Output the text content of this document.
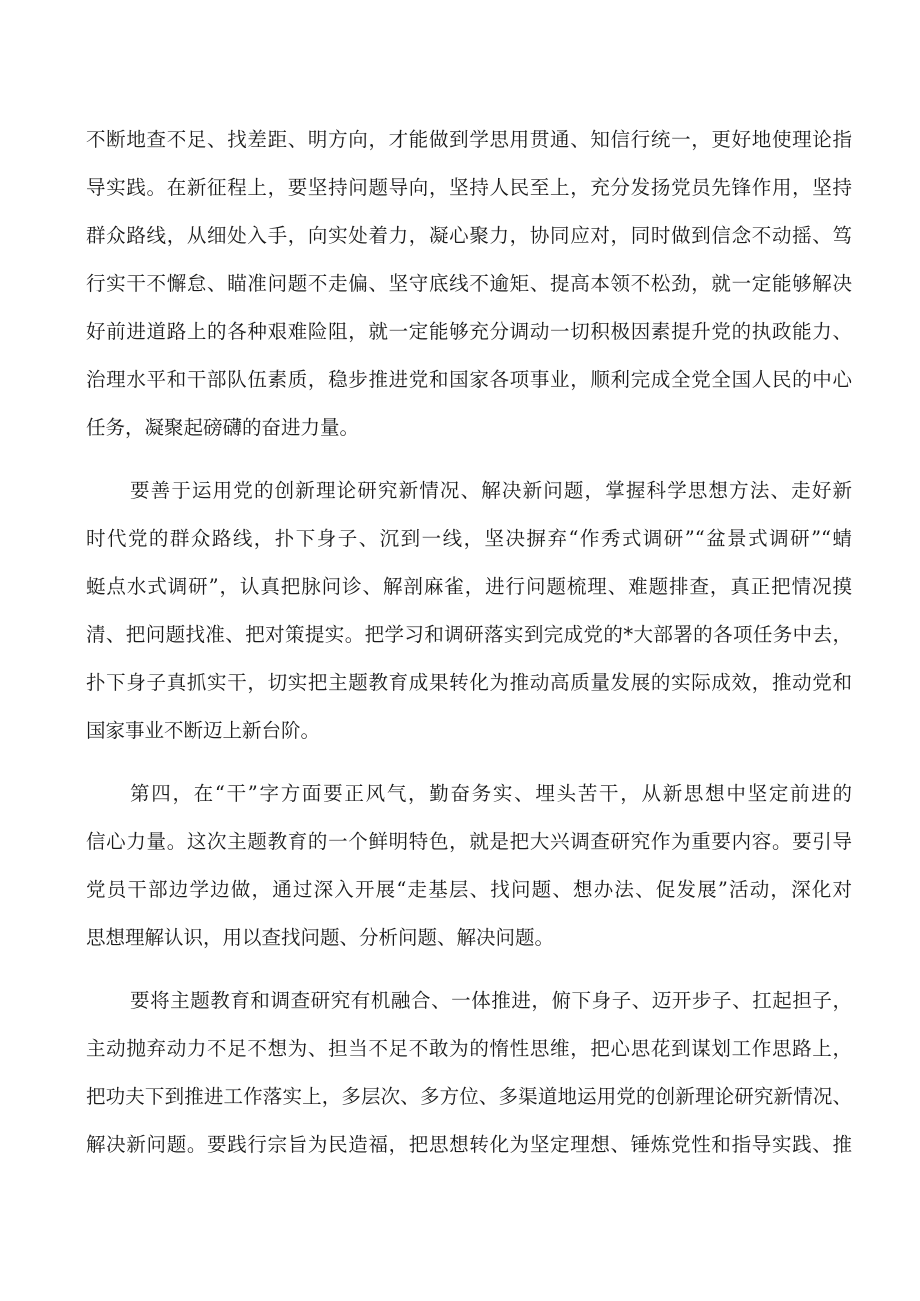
不断地查不足、找差距、明方向，才能做到学思用贯通、知信行统一，更好地使理论指
导实践。在新征程上，要坚持问题导向，坚持人民至上，充分发扬党员先锋作用，坚持
群众路线，从细处入手，向实处着力，凝心聚力，协同应对，同时做到信念不动摇、笃
行实干不懈怠、瞄准问题不走偏、坚守底线不逾矩、提高本领不松劲，就一定能够解决
好前进道路上的各种艰难险阻，就一定能够充分调动一切积极因素提升党的执政能力、
治理水平和干部队伍素质，稳步推进党和国家各项事业，顺利完成全党全国人民的中心
任务，凝聚起磅礴的奋进力量。
要善于运用党的创新理论研究新情况、解决新问题，掌握科学思想方法、走好新
时代党的群众路线，扑下身子、沉到一线，坚决摒弃“作秀式调研”“盆景式调研”“蜻
蜓点水式调研”，认真把脉问诊、解剖麻雀，进行问题梳理、难题排查，真正把情况摸
清、把问题找准、把对策提实。把学习和调研落实到完成党的*大部署的各项任务中去，
扑下身子真抓实干，切实把主题教育成果转化为推动高质量发展的实际成效，推动党和
国家事业不断迈上新台阶。
第四，在“干”字方面要正风气，勤奋务实、埋头苦干，从新思想中坚定前进的
信心力量。这次主题教育的一个鲜明特色，就是把大兴调查研究作为重要内容。要引导
党员干部边学边做，通过深入开展“走基层、找问题、想办法、促发展”活动，深化对
思想理解认识，用以查找问题、分析问题、解决问题。
要将主题教育和调查研究有机融合、一体推进，俯下身子、迈开步子、扛起担子，
主动抛弃动力不足不想为、担当不足不敢为的惰性思维，把心思花到谋划工作思路上，
把功夫下到推进工作落实上，多层次、多方位、多渠道地运用党的创新理论研究新情况、
解决新问题。要践行宗旨为民造福，把思想转化为坚定理想、锤炼党性和指导实践、推
